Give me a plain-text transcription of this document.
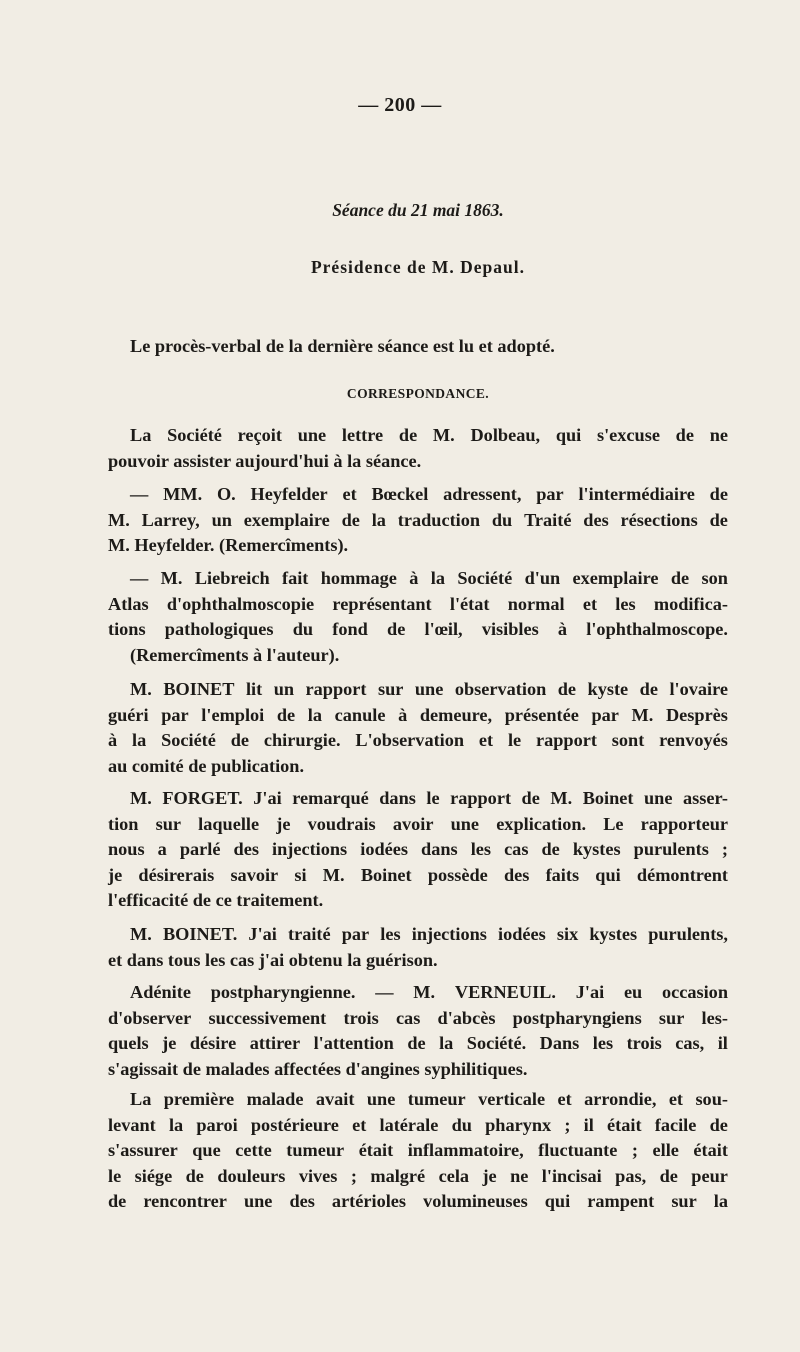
— 200 —
Séance du 21 mai 1863.
Présidence de M. Depaul.
Le procès-verbal de la dernière séance est lu et adopté.
CORRESPONDANCE.
La Société reçoit une lettre de M. Dolbeau, qui s'excuse de ne
pouvoir assister aujourd'hui à la séance.
— MM. O. Heyfelder et Bœckel adressent, par l'intermédiaire de
M. Larrey, un exemplaire de la traduction du Traité des résections de
M. Heyfelder. (Remercîments).
— M. Liebreich fait hommage à la Société d'un exemplaire de son
Atlas d'ophthalmoscopie représentant l'état normal et les modifica-
tions pathologiques du fond de l'œil, visibles à l'ophthalmoscope.
(Remercîments à l'auteur).
M. BOINET lit un rapport sur une observation de kyste de l'ovaire
guéri par l'emploi de la canule à demeure, présentée par M. Desprès
à la Société de chirurgie. L'observation et le rapport sont renvoyés
au comité de publication.
M. FORGET. J'ai remarqué dans le rapport de M. Boinet une asser-
tion sur laquelle je voudrais avoir une explication. Le rapporteur
nous a parlé des injections iodées dans les cas de kystes purulents ;
je désirerais savoir si M. Boinet possède des faits qui démontrent
l'efficacité de ce traitement.
M. BOINET. J'ai traité par les injections iodées six kystes purulents,
et dans tous les cas j'ai obtenu la guérison.
Adénite postpharyngienne. — M. VERNEUIL. J'ai eu occasion
d'observer successivement trois cas d'abcès postpharyngiens sur les-
quels je désire attirer l'attention de la Société. Dans les trois cas, il
s'agissait de malades affectées d'angines syphilitiques.
La première malade avait une tumeur verticale et arrondie, et sou-
levant la paroi postérieure et latérale du pharynx ; il était facile de
s'assurer que cette tumeur était inflammatoire, fluctuante ; elle était
le siége de douleurs vives ; malgré cela je ne l'incisai pas, de peur
de rencontrer une des artérioles volumineuses qui rampent sur la
